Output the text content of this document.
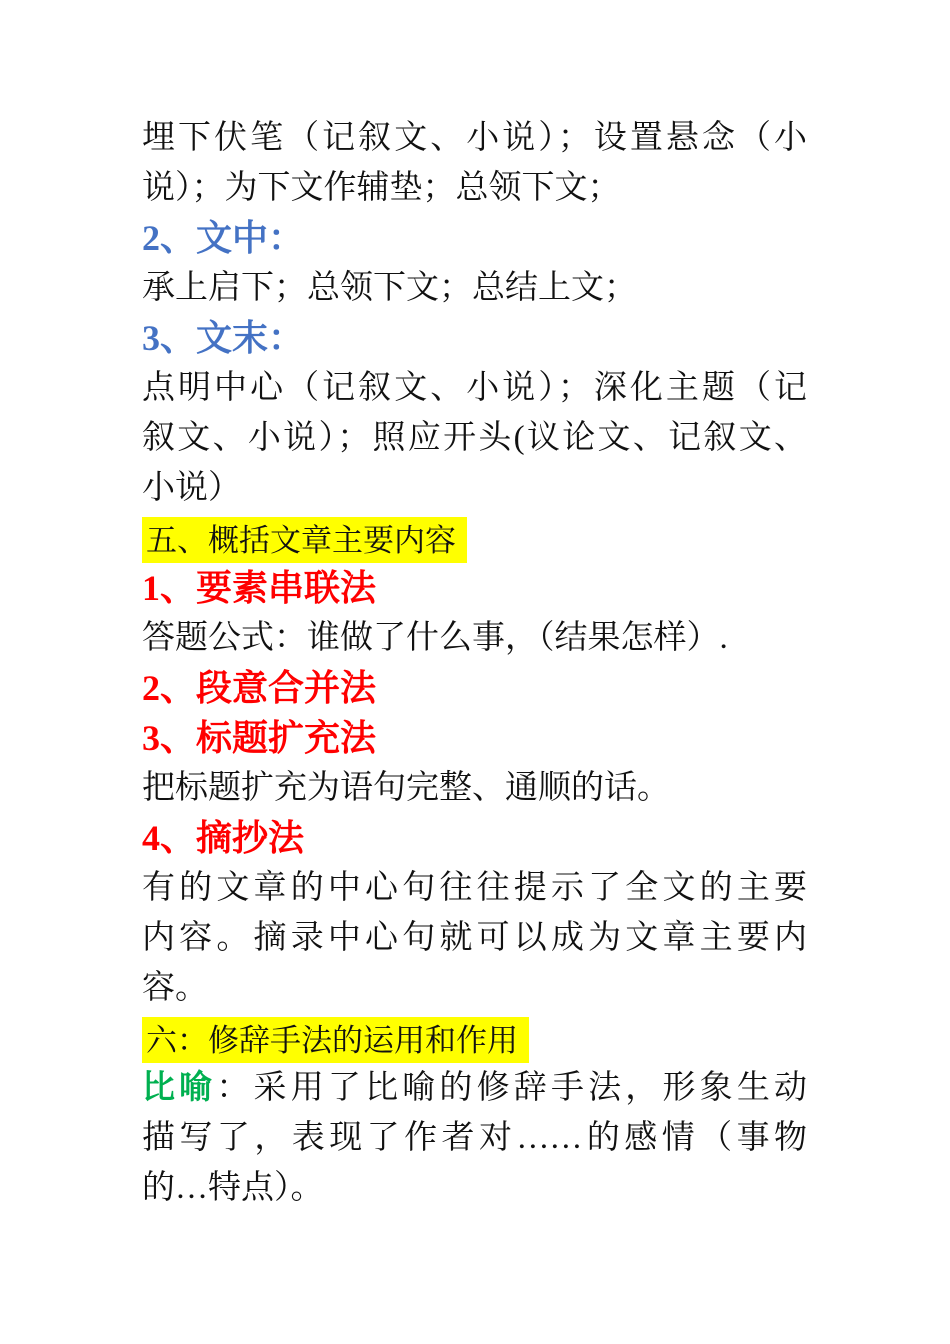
埋下伏笔（记叙文、小说）；设置悬念（小
说）；为下文作辅垫；总领下文；
2、文中：
承上启下；总领下文；总结上文；
3、文末：
点明中心（记叙文、小说）；深化主题（记
叙文、小说）；照应开头(议论文、记叙文、
小说）
五、概括文章主要内容
1、要素串联法
答题公式：谁做了什么事，（结果怎样）.
2、段意合并法
3、标题扩充法
把标题扩充为语句完整、通顺的话。
4、摘抄法
有的文章的中心句往往提示了全文的主要
内容。摘录中心句就可以成为文章主要内
容。
六：修辞手法的运用和作用
比喻：采用了比喻的修辞手法，形象生动
描写了，表现了作者对……的感情（事物
的…特点）。
